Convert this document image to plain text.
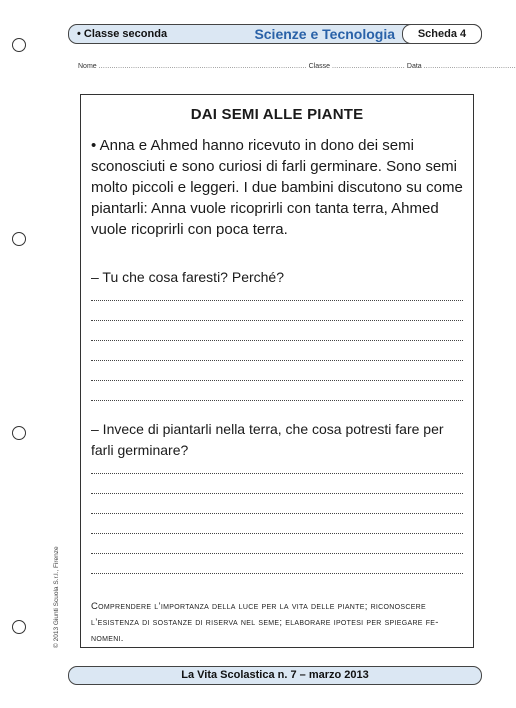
• Classe seconda	Scienze e Tecnologia	Scheda 4
Nome ................................................................................................. Classe .................................. Data ...........................................
DAI SEMI ALLE PIANTE
• Anna e Ahmed hanno ricevuto in dono dei semi sconosciuti e sono curiosi di farli germinare. Sono semi molto piccoli e leggeri. I due bambini discutono su come piantarli: Anna vuole ricoprirli con tanta terra, Ahmed vuole ricoprirli con poca terra.
– Tu che cosa faresti? Perché?
– Invece di piantarli nella terra, che cosa potresti fare per farli germinare?
Comprendere l’importanza della luce per la vita delle piante; riconoscere l’esistenza di sostanze di riserva nel seme; elaborare ipotesi per spiegare fe-nomeni.
© 2013 Giunti Scuola S.r.l., Firenze
La Vita Scolastica n. 7 – marzo 2013
